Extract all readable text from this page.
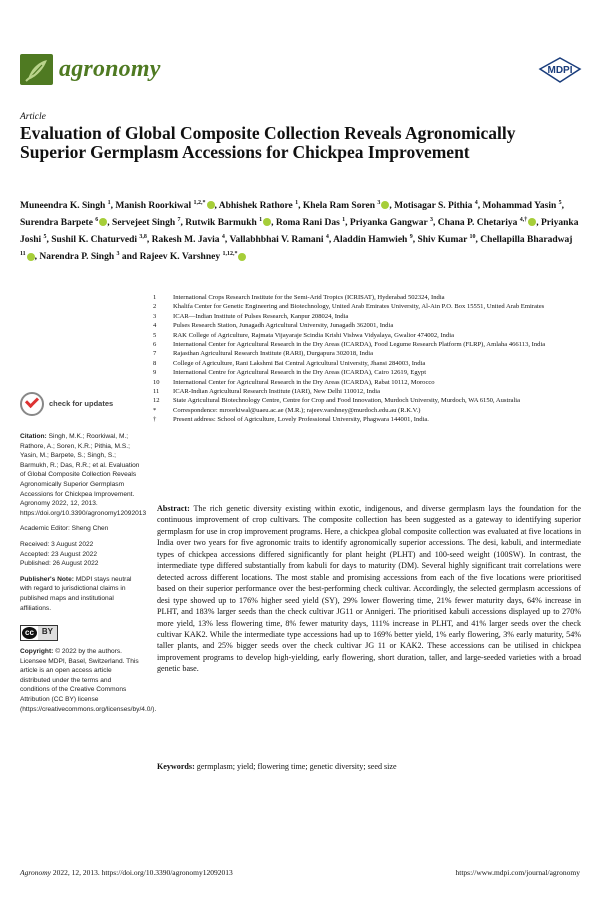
agronomy	MDPI
Article
Evaluation of Global Composite Collection Reveals Agronomically Superior Germplasm Accessions for Chickpea Improvement
Muneendra K. Singh $^1$, Manish Roorkiwal $^{1,2,*}$ , Abhishek Rathore $^1$, Khela Ram Soren $^3$ , Motisagar S. Pithia $^4$, Mohammad Yasin $^5$, Surendra Barpete $^6$ , Servejeet Singh $^7$, Rutwik Barmukh $^1$ , Roma Rani Das $^1$, Priyanka Gangwar $^3$, Chana P. Chetariya $^{4,\dagger}$ , Priyanka Joshi $^5$, Sushil K. Chaturvedi $^{3,8}$, Rakesh M. Javia $^4$, Vallabhbhai V. Ramani $^4$, Aladdin Hamwieh $^9$, Shiv Kumar $^{10}$, Chellapilla Bharadwaj $^{11}$ , Narendra P. Singh $^3$ and Rajeev K. Varshney $^{1,12,*}$
1	International Crops Research Institute for the Semi-Arid Tropics (ICRISAT), Hyderabad 502324, India
2	Khalifa Center for Genetic Engineering and Biotechnology, United Arab Emirates University, Al-Ain P.O. Box 15551, United Arab Emirates
3	ICAR—Indian Institute of Pulses Research, Kanpur 208024, India
4	Pulses Research Station, Junagadh Agricultural University, Junagadh 362001, India
5	RAK College of Agriculture, Rajmata Vijayaraje Scindia Krishi Vishwa Vidyalaya, Gwalior 474002, India
6	International Center for Agricultural Research in the Dry Areas (ICARDA), Food Legume Research Platform (FLRP), Amlaha 466113, India
7	Rajasthan Agricultural Research Institute (RARI), Durgapura 302018, India
8	College of Agriculture, Rani Lakshmi Bai Central Agricultural University, Jhansi 284003, India
9	International Centre for Agricultural Research in the Dry Areas (ICARDA), Cairo 12619, Egypt
10	International Center for Agricultural Research in the Dry Areas (ICARDA), Rabat 10112, Morocco
11	ICAR-Indian Agricultural Research Institute (IARI), New Delhi 110012, India
12	State Agricultural Biotechnology Centre, Centre for Crop and Food Innovation, Murdoch University, Murdoch, WA 6150, Australia
*	Correspondence: mroorkiwal@uaeu.ac.ae (M.R.); rajeev.varshney@murdoch.edu.au (R.K.V.)
†	Present address: School of Agriculture, Lovely Professional University, Phagwara 144001, India.
check for updates

Citation: Singh, M.K.; Roorkiwal, M.; Rathore, A.; Soren, K.R.; Pithia, M.S.; Yasin, M.; Barpete, S.; Singh, S.; Barmukh, R.; Das, R.R.; et al. Evaluation of Global Composite Collection Reveals Agronomically Superior Germplasm Accessions for Chickpea Improvement. Agronomy 2022, 12, 2013. https://doi.org/10.3390/agronomy12092013

Academic Editor: Sheng Chen

Received: 3 August 2022

Accepted: 23 August 2022

Published: 26 August 2022

Publisher's Note: MDPI stays neutral with regard to jurisdictional claims in published maps and institutional affiliations.

cc	BY

Copyright: © 2022 by the authors. Licensee MDPI, Basel, Switzerland. This article is an open access article distributed under the terms and conditions of the Creative Commons Attribution (CC BY) license (https://creativecommons.org/licenses/by/4.0/).

Abstract: The rich genetic diversity existing within exotic, indigenous, and diverse germplasm lays the foundation for the continuous improvement of crop cultivars. The composite collection has been suggested as a gateway to identifying superior germplasm for use in crop improvement programs. Here, a chickpea global composite collection was evaluated at five locations in India over two years for five agronomic traits to identify agronomically superior accessions. The desi, kabuli, and intermediate types of chickpea accessions differed significantly for plant height (PLHT) and 100-seed weight (100SW). In contrast, the intermediate type differed substantially from kabuli for days to maturity (DM). Several highly significant trait correlations were detected across different locations. The most stable and promising accessions from each of the five locations were prioritised based on their superior performance over the best-performing check cultivar. Accordingly, the selected germplasm accessions of desi type showed up to 176% higher seed yield (SY), 29% lower flowering time, 21% fewer maturity days, 64% increase in PLHT, and 183% larger seeds than the check cultivar JG11 or Annigeri. The prioritised kabuli accessions displayed up to 270% more yield, 13% less flowering time, 8% fewer maturity days, 111% increase in PLHT, and 41% larger seeds over the check cultivar KAK2. While the intermediate type accessions had up to 169% better yield, 1% early flowering, 3% early maturity, 54% taller plants, and 25% bigger seeds over the check cultivar JG 11 or KAK2. These accessions can be utilised in chickpea improvement programs to develop high-yielding, early flowering, short duration, taller, and large-seeded varieties with a broad genetic base.
Keywords: germplasm; yield; flowering time; genetic diversity; seed size
Agronomy 2022, 12, 2013. https://doi.org/10.3390/agronomy12092013	https://www.mdpi.com/journal/agronomy
